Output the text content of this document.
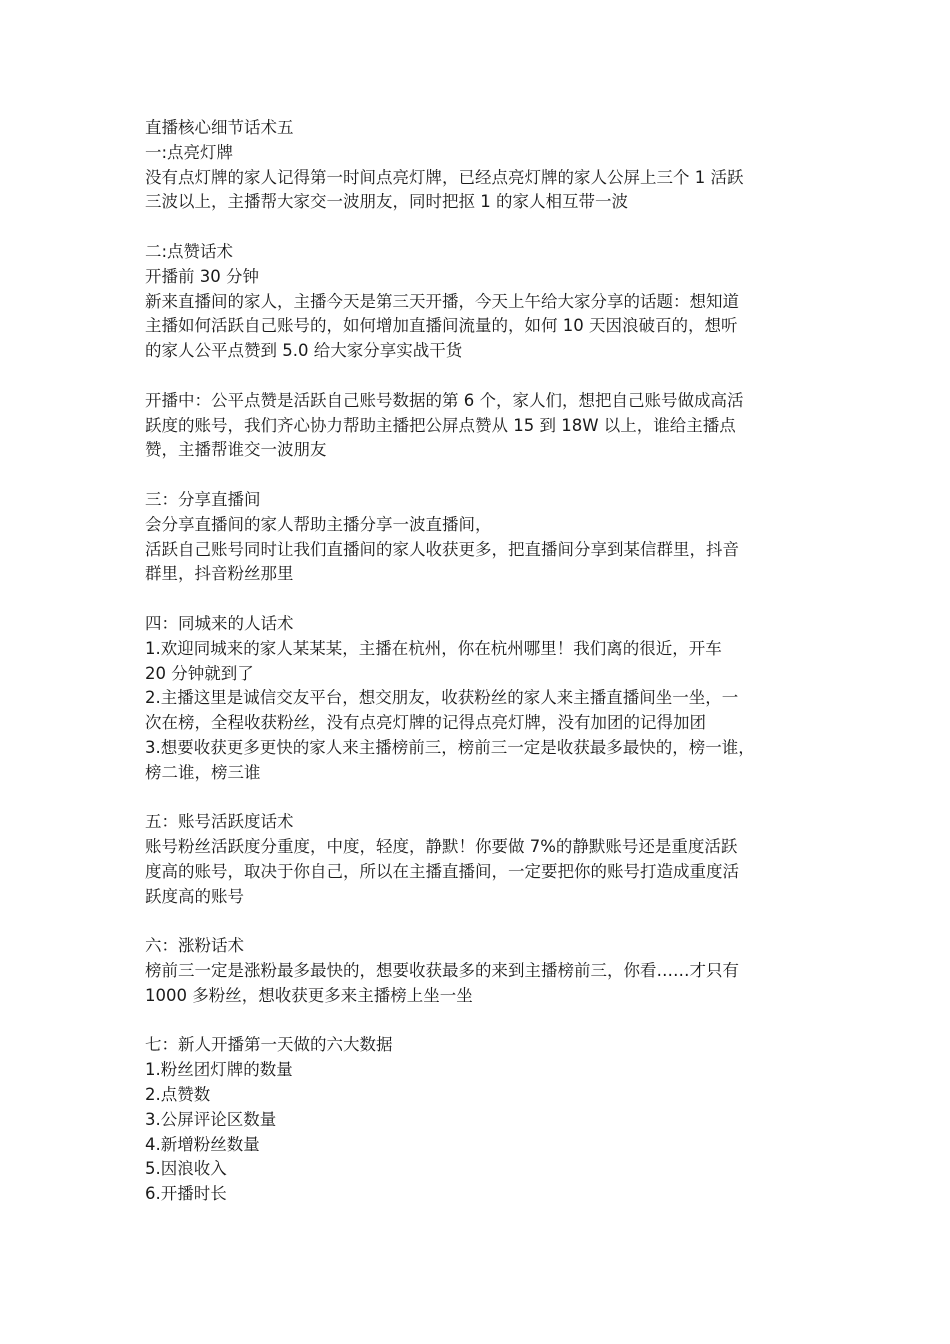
直播核心细节话术五
一:点亮灯牌
没有点灯牌的家人记得第一时间点亮灯牌，已经点亮灯牌的家人公屏上三个 1 活跃
三波以上，主播帮大家交一波朋友，同时把抠 1 的家人相互带一波
二:点赞话术
开播前 30 分钟
新来直播间的家人，主播今天是第三天开播，今天上午给大家分享的话题：想知道
主播如何活跃自己账号的，如何增加直播间流量的，如何 10 天因浪破百的，想听
的家人公平点赞到 5.0 给大家分享实战干货
开播中：公平点赞是活跃自己账号数据的第 6 个，家人们，想把自己账号做成高活
跃度的账号，我们齐心协力帮助主播把公屏点赞从 15 到 18W 以上，谁给主播点
赞，主播帮谁交一波朋友
三：分享直播间
会分享直播间的家人帮助主播分享一波直播间，
活跃自己账号同时让我们直播间的家人收获更多，把直播间分享到某信群里，抖音
群里，抖音粉丝那里
四：同城来的人话术
1.欢迎同城来的家人某某某，主播在杭州，你在杭州哪里！我们离的很近，开车
20 分钟就到了
2.主播这里是诚信交友平台，想交朋友，收获粉丝的家人来主播直播间坐一坐，一
次在榜，全程收获粉丝，没有点亮灯牌的记得点亮灯牌，没有加团的记得加团
3.想要收获更多更快的家人来主播榜前三，榜前三一定是收获最多最快的，榜一谁，
榜二谁，榜三谁
五：账号活跃度话术
账号粉丝活跃度分重度，中度，轻度，静默！你要做 7%的静默账号还是重度活跃
度高的账号，取决于你自己，所以在主播直播间，一定要把你的账号打造成重度活
跃度高的账号
六：涨粉话术
榜前三一定是涨粉最多最快的，想要收获最多的来到主播榜前三，你看……才只有
1000 多粉丝，想收获更多来主播榜上坐一坐
七：新人开播第一天做的六大数据
1.粉丝团灯牌的数量
2.点赞数
3.公屏评论区数量
4.新增粉丝数量
5.因浪收入
6.开播时长
